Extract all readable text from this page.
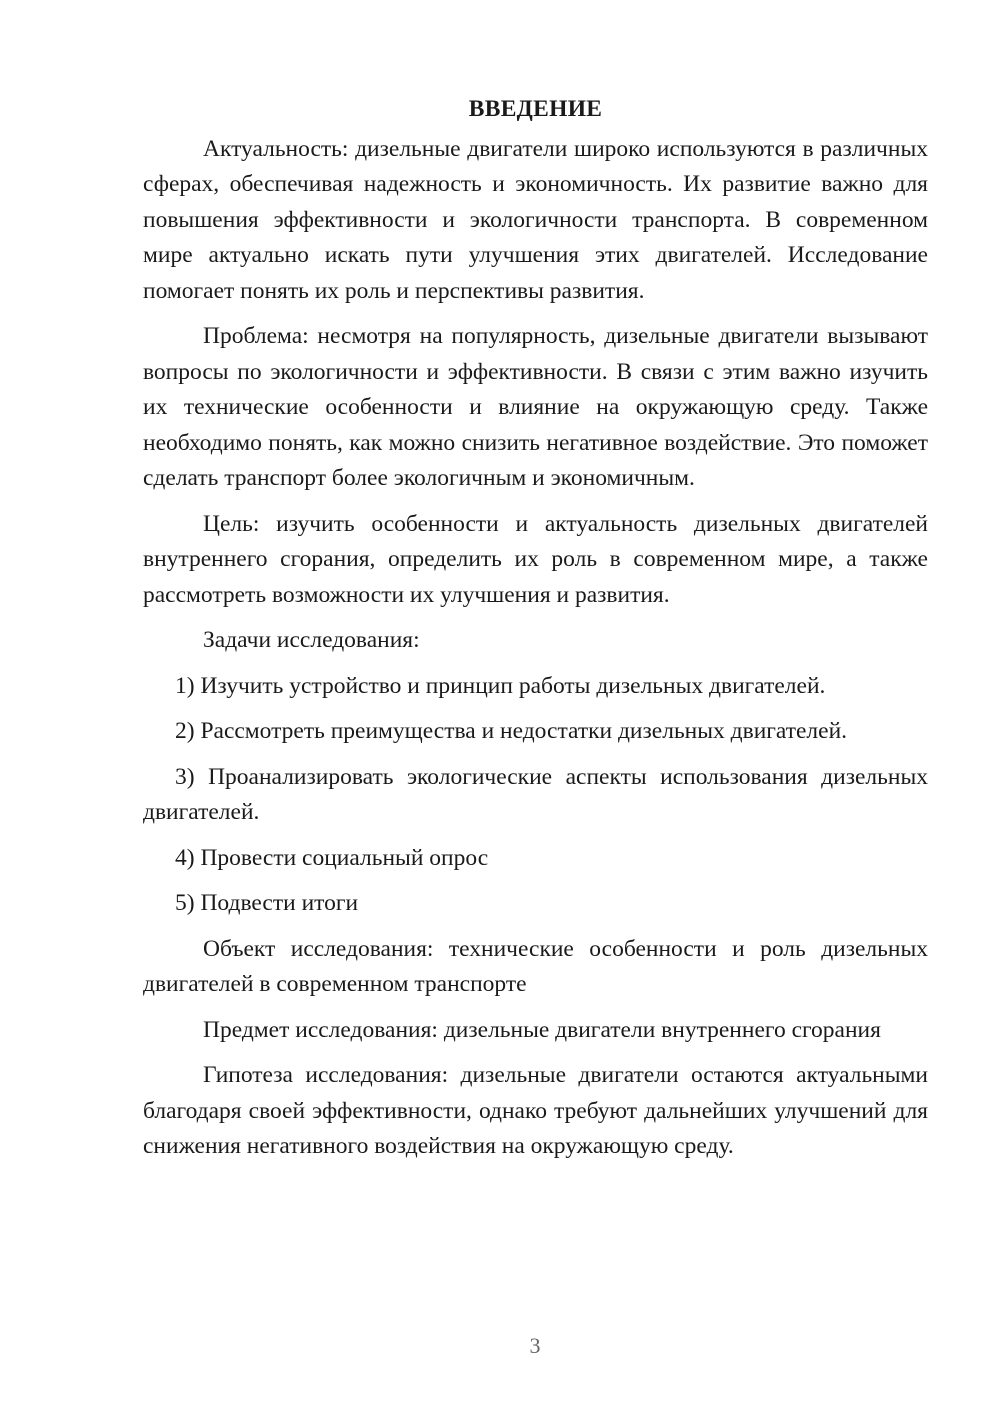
ВВЕДЕНИЕ
Актуальность: дизельные двигатели широко используются в различных сферах, обеспечивая надежность и экономичность. Их развитие важно для повышения эффективности и экологичности транспорта. В современном мире актуально искать пути улучшения этих двигателей. Исследование помогает понять их роль и перспективы развития.
Проблема: несмотря на популярность, дизельные двигатели вызывают вопросы по экологичности и эффективности. В связи с этим важно изучить их технические особенности и влияние на окружающую среду. Также необходимо понять, как можно снизить негативное воздействие. Это поможет сделать транспорт более экологичным и экономичным.
Цель: изучить особенности и актуальность дизельных двигателей внутреннего сгорания, определить их роль в современном мире, а также рассмотреть возможности их улучшения и развития.
Задачи исследования:
1) Изучить устройство и принцип работы дизельных двигателей.
2) Рассмотреть преимущества и недостатки дизельных двигателей.
3) Проанализировать экологические аспекты использования дизельных двигателей.
4) Провести социальный опрос
5) Подвести итоги
Объект исследования: технические особенности и роль дизельных двигателей в современном транспорте
Предмет исследования: дизельные двигатели внутреннего сгорания
Гипотеза исследования: дизельные двигатели остаются актуальными благодаря своей эффективности, однако требуют дальнейших улучшений для снижения негативного воздействия на окружающую среду.
3
